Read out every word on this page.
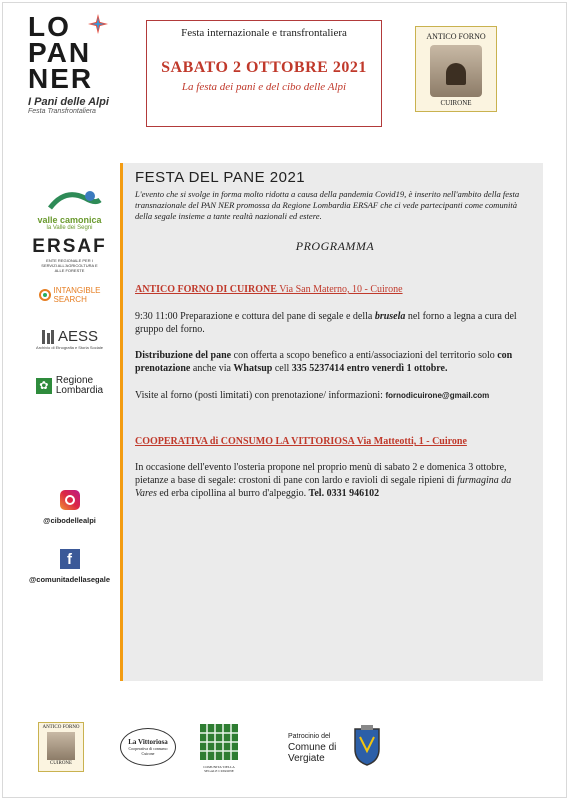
LO
PAN
NER
I Pani delle Alpi
Festa Transfrontaliera
Festa internazionale e transfrontaliera
SABATO 2 OTTOBRE 2021
La festa dei pani e del cibo delle Alpi
ANTICO FORNO
CUIRONE
valle camonica
la Valle dei Segni
ERSAF
ENTE REGIONALE PER I SERVIZI ALL'AGRICOLTURA E ALLE FORESTE
INTANGIBLE
SEARCH
AESS
Archivio di Etnografia e Storia Sociale
✿ Regione
Lombardia
@cibodellealpi
f
@comunitadellasegale
FESTA DEL PANE 2021
L'evento che si svolge in forma molto ridotta a causa della pandemia Covid19, è inserito nell'ambito della festa transnazionale del PAN NER promossa da Regione Lombardia ERSAF che ci vede partecipanti come comunità della segale insieme a tante realtà nazionali ed estere.
PROGRAMMA
ANTICO FORNO DI CUIRONE Via San Materno, 10 - Cuirone
9:30 11:00 Preparazione e cottura del pane di segale e della brusela nel forno a legna a cura del gruppo del forno.
Distribuzione del pane con offerta a scopo benefico a enti/associazioni del territorio solo con prenotazione anche via Whatsup cell 335 5237414 entro venerdì 1 ottobre.
Visite al forno (posti limitati) con prenotazione/ informazioni: fornodicuirone@gmail.com
COOPERATIVA di CONSUMO LA VITTORIOSA Via Matteotti, 1 - Cuirone
In occasione dell'evento l'osteria propone nel proprio menù di sabato 2 e domenica 3 ottobre, pietanze a base di segale: crostoni di pane con lardo e ravioli di segale ripieni di furmagina da Vares ed erba cipollina al burro d'alpeggio. Tel. 0331 946102
ANTICO FORNO
CUIRONE
La Vittoriosa
Cooperativa di consumo
Cuirone
COMUNITA' DELLA SEGALE CUIRONE
Patrocinio del
Comune di
Vergiate
